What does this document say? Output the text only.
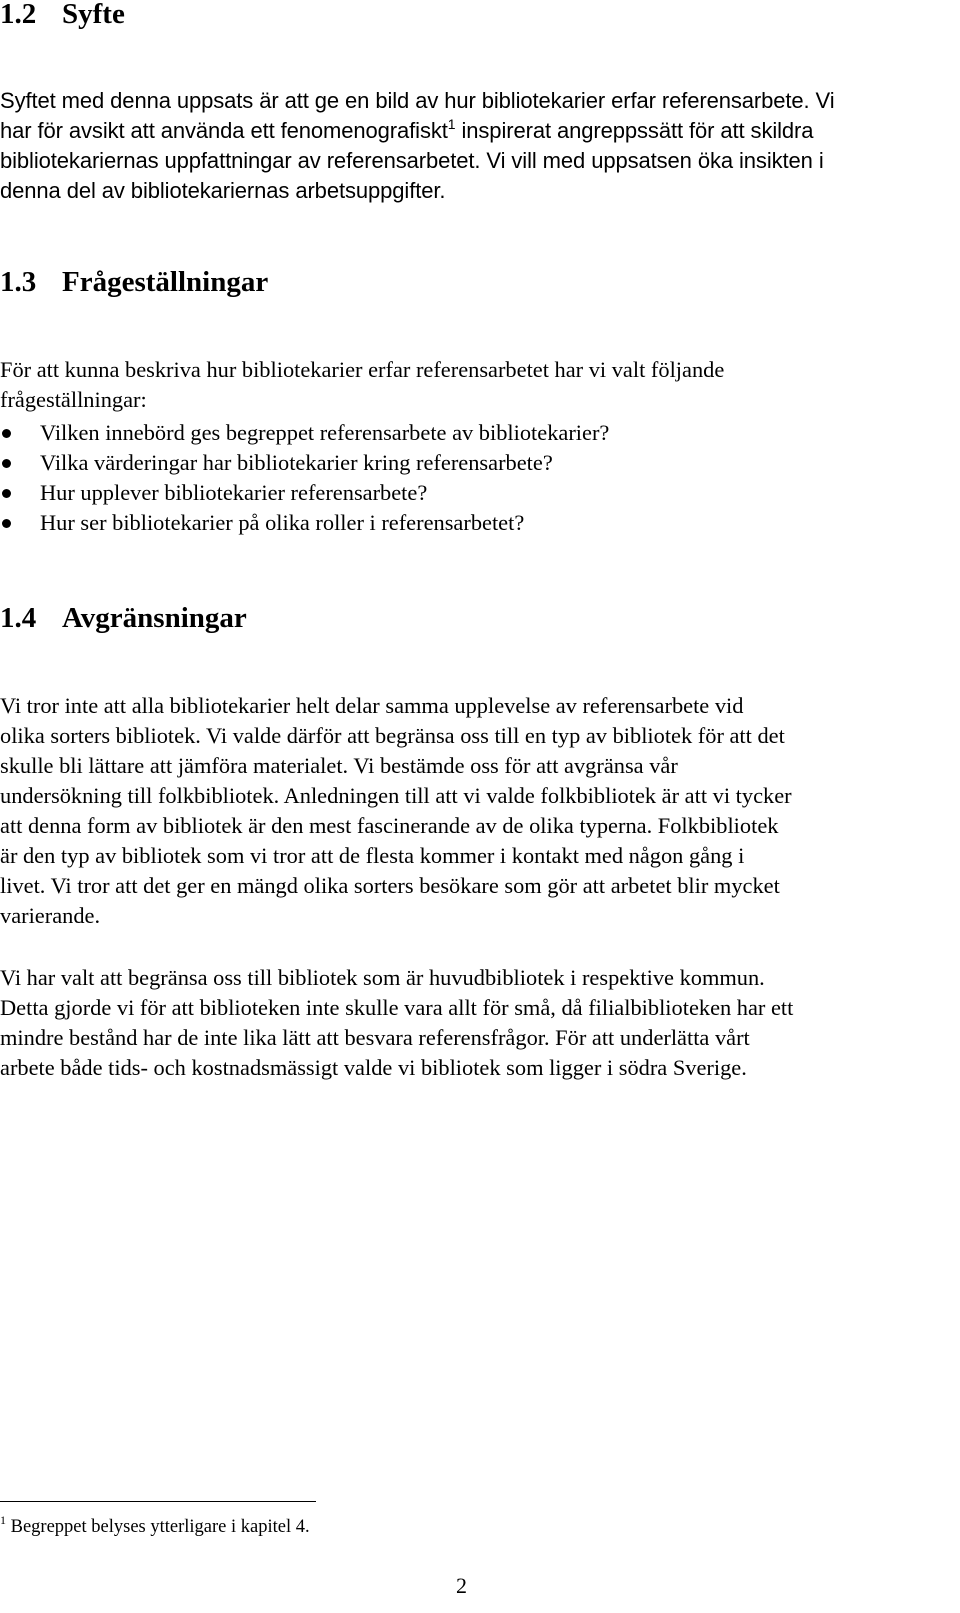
1.2 Syfte
Syftet med denna uppsats är att ge en bild av hur bibliotekarier erfar referensarbete. Vi
har för avsikt att använda ett fenomenografiskt$^1$ inspirerat angreppssätt för att skildra
bibliotekariernas uppfattningar av referensarbetet. Vi vill med uppsatsen öka insikten i
denna del av bibliotekariernas arbetsuppgifter.
1.3 Frågeställningar
För att kunna beskriva hur bibliotekarier erfar referensarbetet har vi valt följande
frågeställningar:
Vilken innebörd ges begreppet referensarbete av bibliotekarier?
Vilka värderingar har bibliotekarier kring referensarbete?
Hur upplever bibliotekarier referensarbete?
Hur ser bibliotekarier på olika roller i referensarbetet?
1.4 Avgränsningar
Vi tror inte att alla bibliotekarier helt delar samma upplevelse av referensarbete vid
olika sorters bibliotek. Vi valde därför att begränsa oss till en typ av bibliotek för att det
skulle bli lättare att jämföra materialet. Vi bestämde oss för att avgränsa vår
undersökning till folkbibliotek. Anledningen till att vi valde folkbibliotek är att vi tycker
att denna form av bibliotek är den mest fascinerande av de olika typerna. Folkbibliotek
är den typ av bibliotek som vi tror att de flesta kommer i kontakt med någon gång i
livet. Vi tror att det ger en mängd olika sorters besökare som gör att arbetet blir mycket
varierande.
Vi har valt att begränsa oss till bibliotek som är huvudbibliotek i respektive kommun.
Detta gjorde vi för att biblioteken inte skulle vara allt för små, då filialbiblioteken har ett
mindre bestånd har de inte lika lätt att besvara referensfrågor. För att underlätta vårt
arbete både tids- och kostnadsmässigt valde vi bibliotek som ligger i södra Sverige.
$^1$ Begreppet belyses ytterligare i kapitel 4.
2
